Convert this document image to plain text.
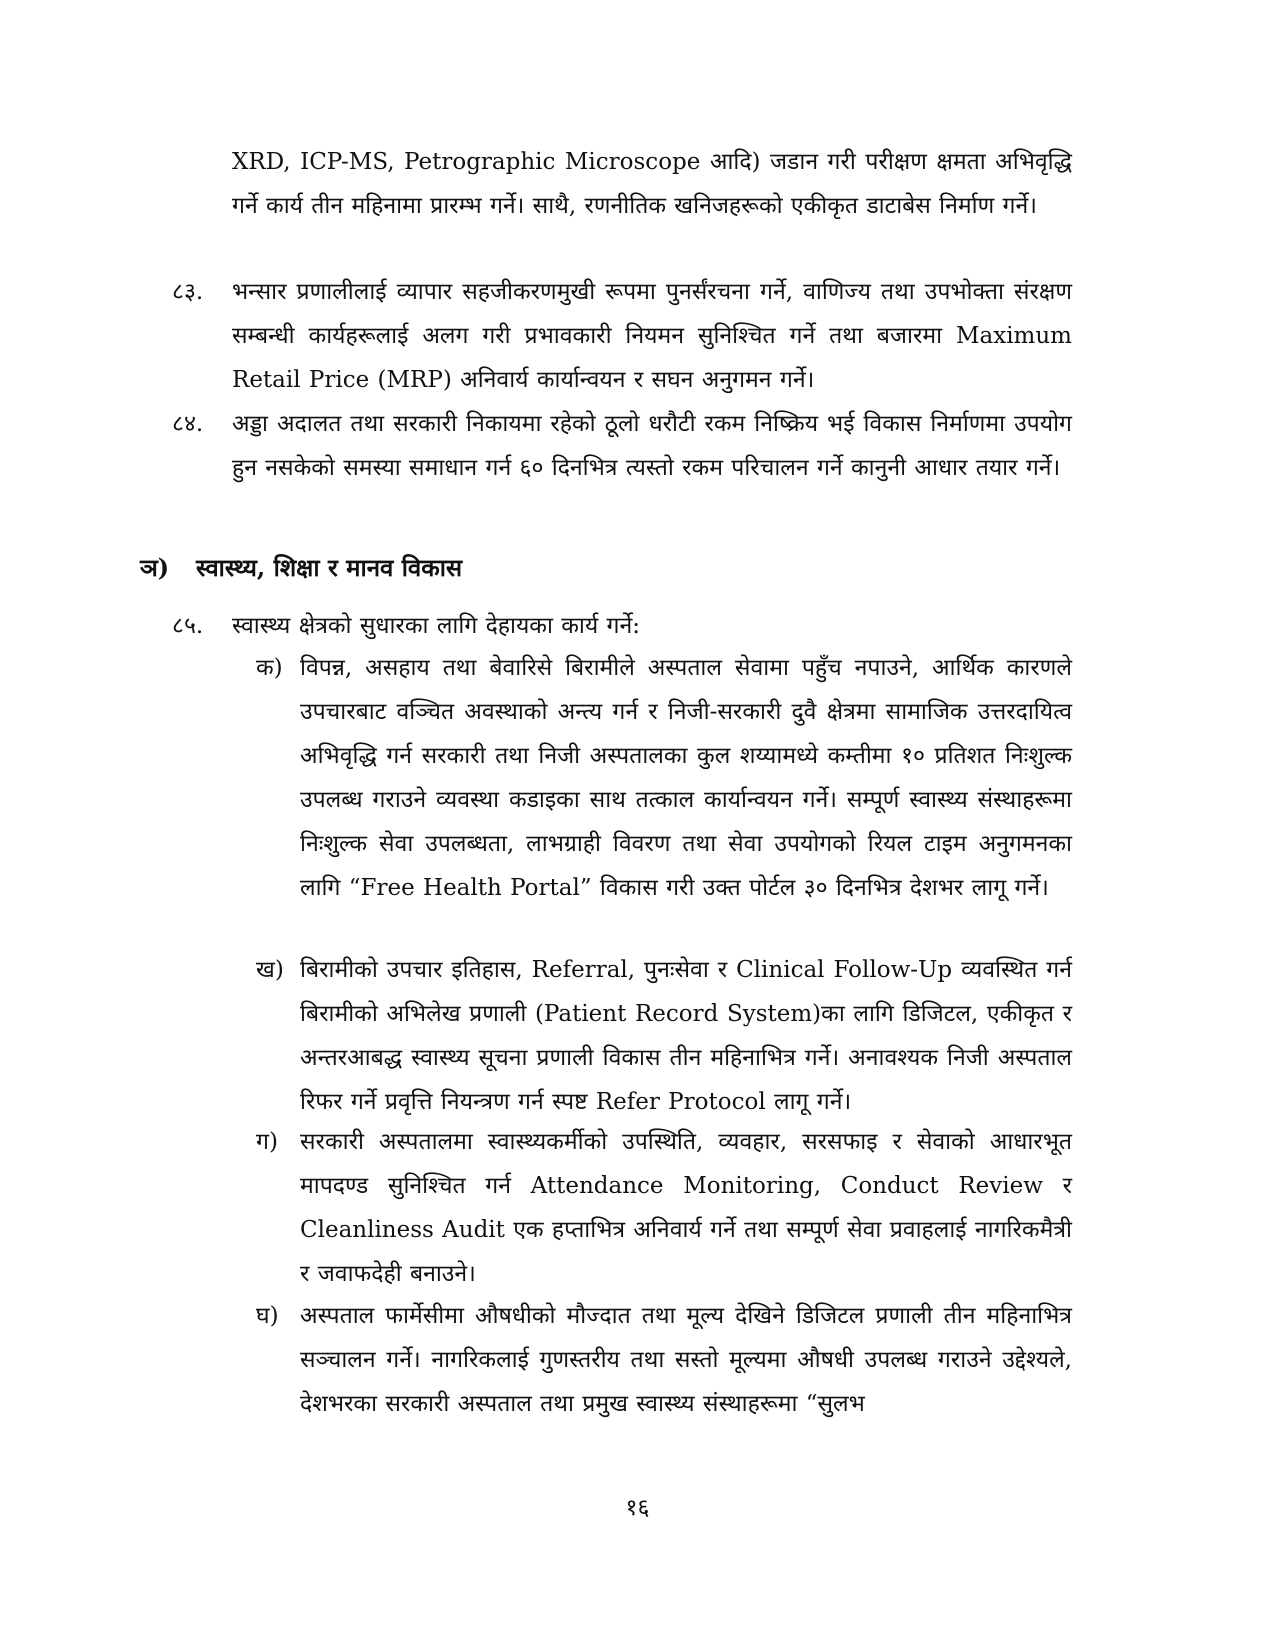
XRD, ICP-MS, Petrographic Microscope आदि) जडान गरी परीक्षण क्षमता अभिवृद्धि गर्ने कार्य तीन महिनामा प्रारम्भ गर्ने। साथै, रणनीतिक खनिजहरूको एकीकृत डाटाबेस निर्माण गर्ने।
८३. भन्सार प्रणालीलाई व्यापार सहजीकरणमुखी रूपमा पुनर्संरचना गर्ने, वाणिज्य तथा उपभोक्ता संरक्षण सम्बन्धी कार्यहरूलाई अलग गरी प्रभावकारी नियमन सुनिश्चित गर्ने तथा बजारमा Maximum Retail Price (MRP) अनिवार्य कार्यान्वयन र सघन अनुगमन गर्ने।
८४. अड्डा अदालत तथा सरकारी निकायमा रहेको ठूलो धरौटी रकम निष्क्रिय भई विकास निर्माणमा उपयोग हुन नसकेको समस्या समाधान गर्न ६० दिनभित्र त्यस्तो रकम परिचालन गर्ने कानुनी आधार तयार गर्ने।
ञ) स्वास्थ्य, शिक्षा र मानव विकास
८५. स्वास्थ्य क्षेत्रको सुधारका लागि देहायका कार्य गर्ने:
क) विपन्न, असहाय तथा बेवारिसे बिरामीले अस्पताल सेवामा पहुँच नपाउने, आर्थिक कारणले उपचारबाट वञ्चित अवस्थाको अन्त्य गर्न र निजी-सरकारी दुवै क्षेत्रमा सामाजिक उत्तरदायित्व अभिवृद्धि गर्न सरकारी तथा निजी अस्पतालका कुल शय्यामध्ये कम्तीमा १० प्रतिशत निःशुल्क उपलब्ध गराउने व्यवस्था कडाइका साथ तत्काल कार्यान्वयन गर्ने। सम्पूर्ण स्वास्थ्य संस्थाहरूमा निःशुल्क सेवा उपलब्धता, लाभग्राही विवरण तथा सेवा उपयोगको रियल टाइम अनुगमनका लागि “Free Health Portal” विकास गरी उक्त पोर्टल ३० दिनभित्र देशभर लागू गर्ने।
ख) बिरामीको उपचार इतिहास, Referral, पुनःसेवा र Clinical Follow-Up व्यवस्थित गर्न बिरामीको अभिलेख प्रणाली (Patient Record System)का लागि डिजिटल, एकीकृत र अन्तरआबद्ध स्वास्थ्य सूचना प्रणाली विकास तीन महिनाभित्र गर्ने। अनावश्यक निजी अस्पताल रिफर गर्ने प्रवृत्ति नियन्त्रण गर्न स्पष्ट Refer Protocol लागू गर्ने।
ग) सरकारी अस्पतालमा स्वास्थ्यकर्मीको उपस्थिति, व्यवहार, सरसफाइ र सेवाको आधारभूत मापदण्ड सुनिश्चित गर्न Attendance Monitoring, Conduct Review र Cleanliness Audit एक हप्ताभित्र अनिवार्य गर्ने तथा सम्पूर्ण सेवा प्रवाहलाई नागरिकमैत्री र जवाफदेही बनाउने।
घ) अस्पताल फार्मेसीमा औषधीको मौज्दात तथा मूल्य देखिने डिजिटल प्रणाली तीन महिनाभित्र सञ्चालन गर्ने। नागरिकलाई गुणस्तरीय तथा सस्तो मूल्यमा औषधी उपलब्ध गराउने उद्देश्यले, देशभरका सरकारी अस्पताल तथा प्रमुख स्वास्थ्य संस्थाहरूमा “सुलभ
१६
